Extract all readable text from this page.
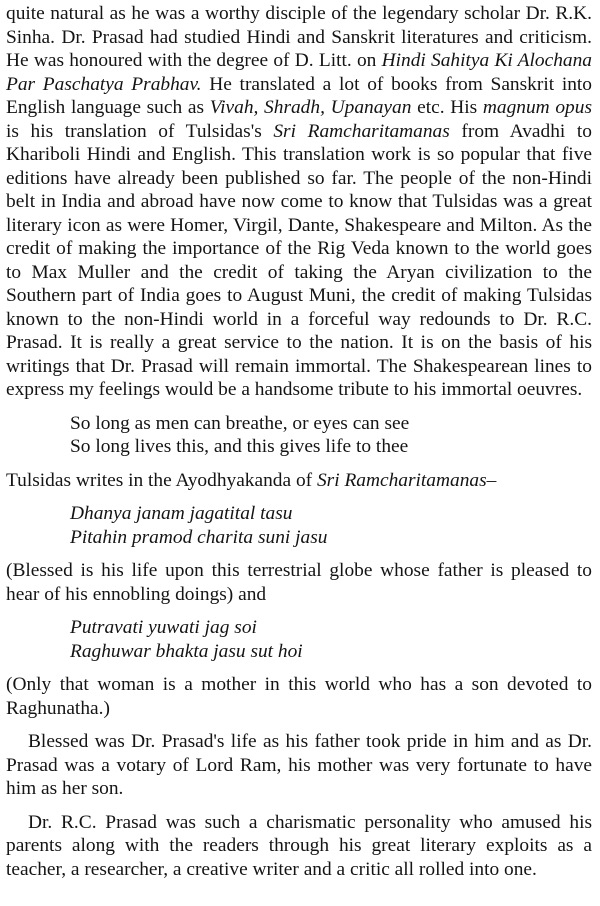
quite natural as he was a worthy disciple of the legendary scholar Dr. R.K. Sinha. Dr. Prasad had studied Hindi and Sanskrit literatures and criticism. He was honoured with the degree of D. Litt. on Hindi Sahitya Ki Alochana Par Paschatya Prabhav. He translated a lot of books from Sanskrit into English language such as Vivah, Shradh, Upanayan etc. His magnum opus is his translation of Tulsidas's Sri Ramcharitamanas from Avadhi to Khariboli Hindi and English. This translation work is so popular that five editions have already been published so far. The people of the non-Hindi belt in India and abroad have now come to know that Tulsidas was a great literary icon as were Homer, Virgil, Dante, Shakespeare and Milton. As the credit of making the importance of the Rig Veda known to the world goes to Max Muller and the credit of taking the Aryan civilization to the Southern part of India goes to August Muni, the credit of making Tulsidas known to the non-Hindi world in a forceful way redounds to Dr. R.C. Prasad. It is really a great service to the nation. It is on the basis of his writings that Dr. Prasad will remain immortal. The Shakespearean lines to express my feelings would be a handsome tribute to his immortal oeuvres.

So long as men can breathe, or eyes can see
So long lives this, and this gives life to thee

Tulsidas writes in the Ayodhyakanda of Sri Ramcharitamanas–

Dhanya janam jagatital tasu
Pitahin pramod charita suni jasu

(Blessed is his life upon this terrestrial globe whose father is pleased to hear of his ennobling doings) and

Putravati yuwati jag soi
Raghuwar bhakta jasu sut hoi

(Only that woman is a mother in this world who has a son devoted to Raghunatha.)

Blessed was Dr. Prasad's life as his father took pride in him and as Dr. Prasad was a votary of Lord Ram, his mother was very fortunate to have him as her son.

Dr. R.C. Prasad was such a charismatic personality who amused his parents along with the readers through his great literary exploits as a teacher, a researcher, a creative writer and a critic all rolled into one.
